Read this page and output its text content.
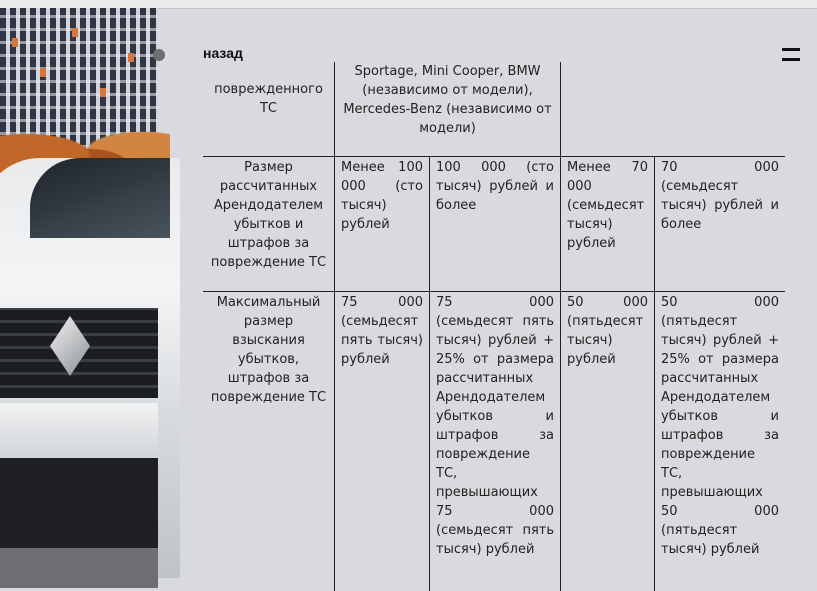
назад
поврежденного ТС
Sportage, Mini Cooper, BMW (независимо от модели), Mercedes-Benz (независимо от модели)
Размер рассчитанных Арендодателем убытков и штрафов за повреждение ТС
Менее 100 000 (сто тысяч) рублей
100 000 (сто тысяч) рублей и более
Менее 70 000 (семьдесят тысяч) рублей
70 000 (семьдесят тысяч) рублей и более
Максимальный размер взыскания убытков, штрафов за повреждение ТС
75 000 (семьдесят пять тысяч) рублей
75 000 (семьдесят пять тысяч) рублей + 25% от размера рассчитанных Арендодателем убытков и штрафов за повреждение ТС, превышающих 75 000 (семьдесят пять тысяч) рублей
50 000 (пятьдесят тысяч) рублей
50 000 (пятьдесят тысяч) рублей + 25% от размера рассчитанных Арендодателем убытков и штрафов за повреждение ТС, превышающих 50 000 (пятьдесят тысяч) рублей
